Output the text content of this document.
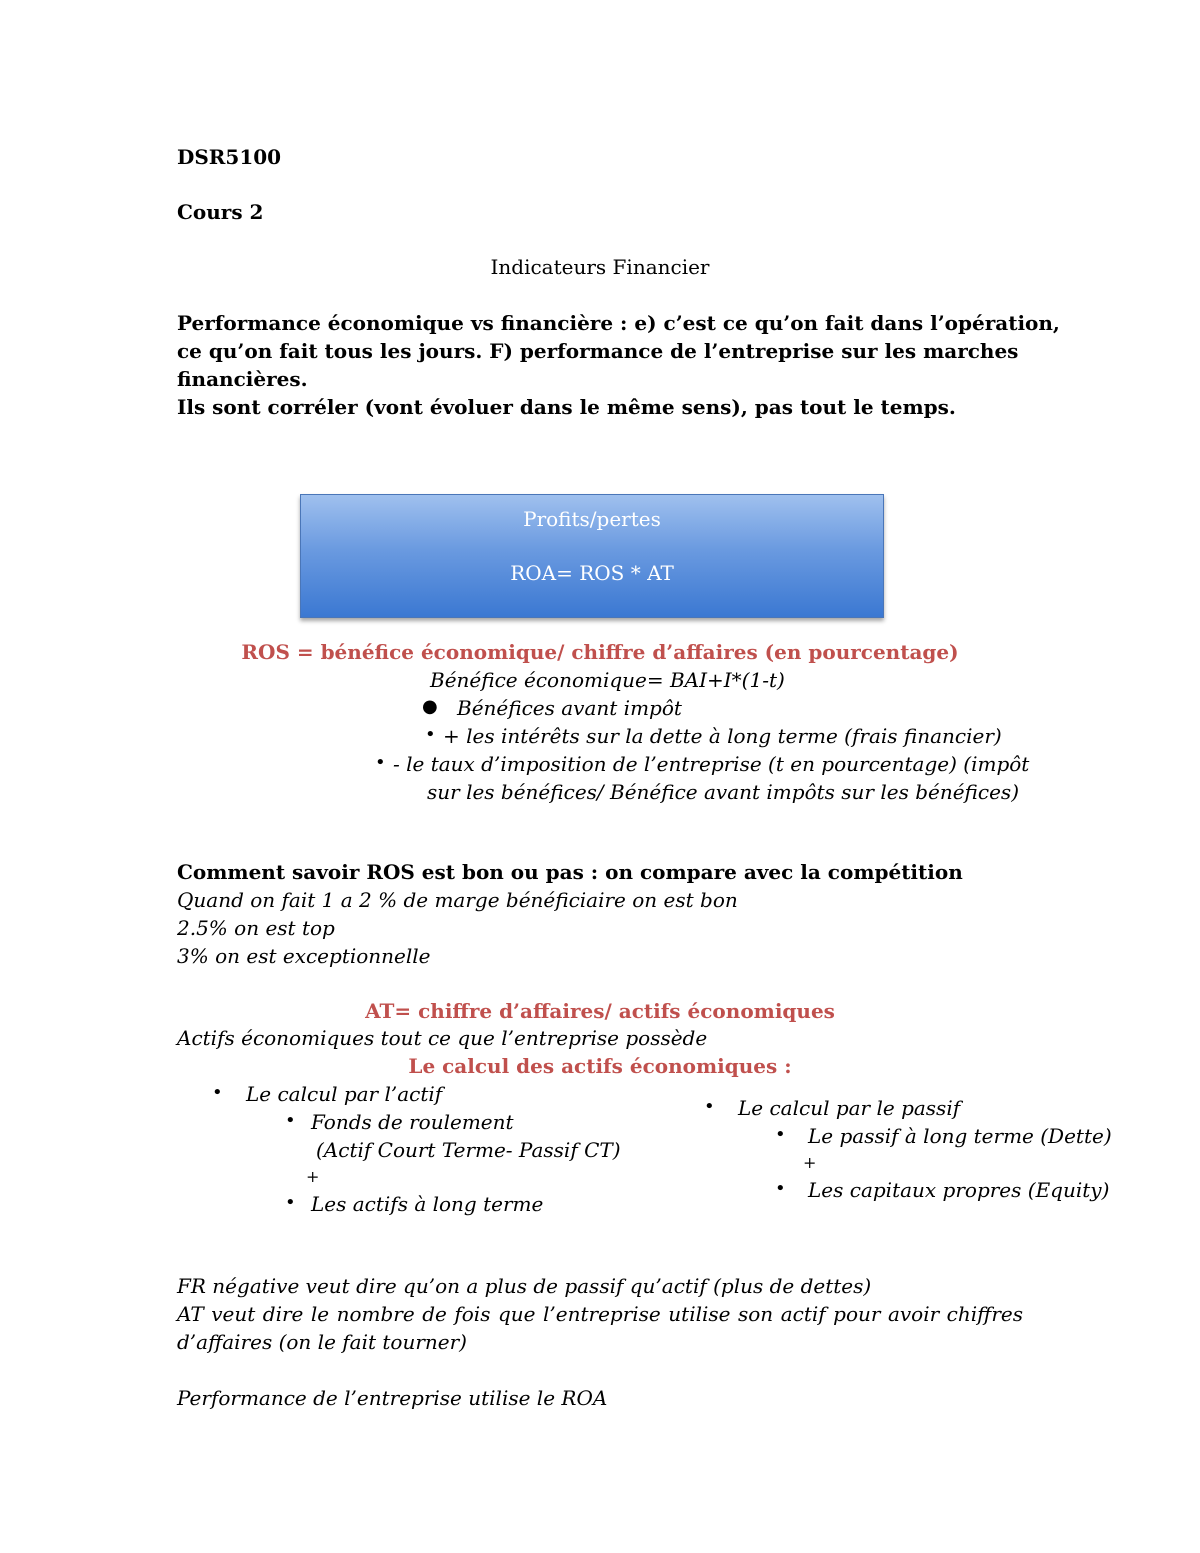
DSR5100
Cours 2
Indicateurs Financier
Performance économique vs financière : e) c’est ce qu’on fait dans l’opération,
ce qu’on fait tous les jours. F) performance de l’entreprise sur les marches
financières.
Ils sont corréler (vont évoluer dans le même sens), pas tout le temps.
Profits/pertes
ROA= ROS * AT
ROS = bénéfice économique/ chiffre d’affaires (en pourcentage)
Bénéfice économique= BAI+I*(1-t)
● Bénéfices avant impôt
• + les intérêts sur la dette à long terme (frais financier)
• - le taux d’imposition de l’entreprise (t en pourcentage) (impôt
sur les bénéfices/ Bénéfice avant impôts sur les bénéfices)
Comment savoir ROS est bon ou pas : on compare avec la compétition
Quand on fait 1 a 2 % de marge bénéficiaire on est bon
2.5% on est top
3% on est exceptionnelle
AT= chiffre d’affaires/ actifs économiques
Actifs économiques tout ce que l’entreprise possède
Le calcul des actifs économiques :
• Le calcul par l’actif
• Fonds de roulement
(Actif Court Terme- Passif CT)
+
• Les actifs à long terme
• Le calcul par le passif
• Le passif à long terme (Dette)
+
• Les capitaux propres (Equity)
FR négative veut dire qu’on a plus de passif qu’actif (plus de dettes)
AT veut dire le nombre de fois que l’entreprise utilise son actif pour avoir chiffres
d’affaires (on le fait tourner)
Performance de l’entreprise utilise le ROA
